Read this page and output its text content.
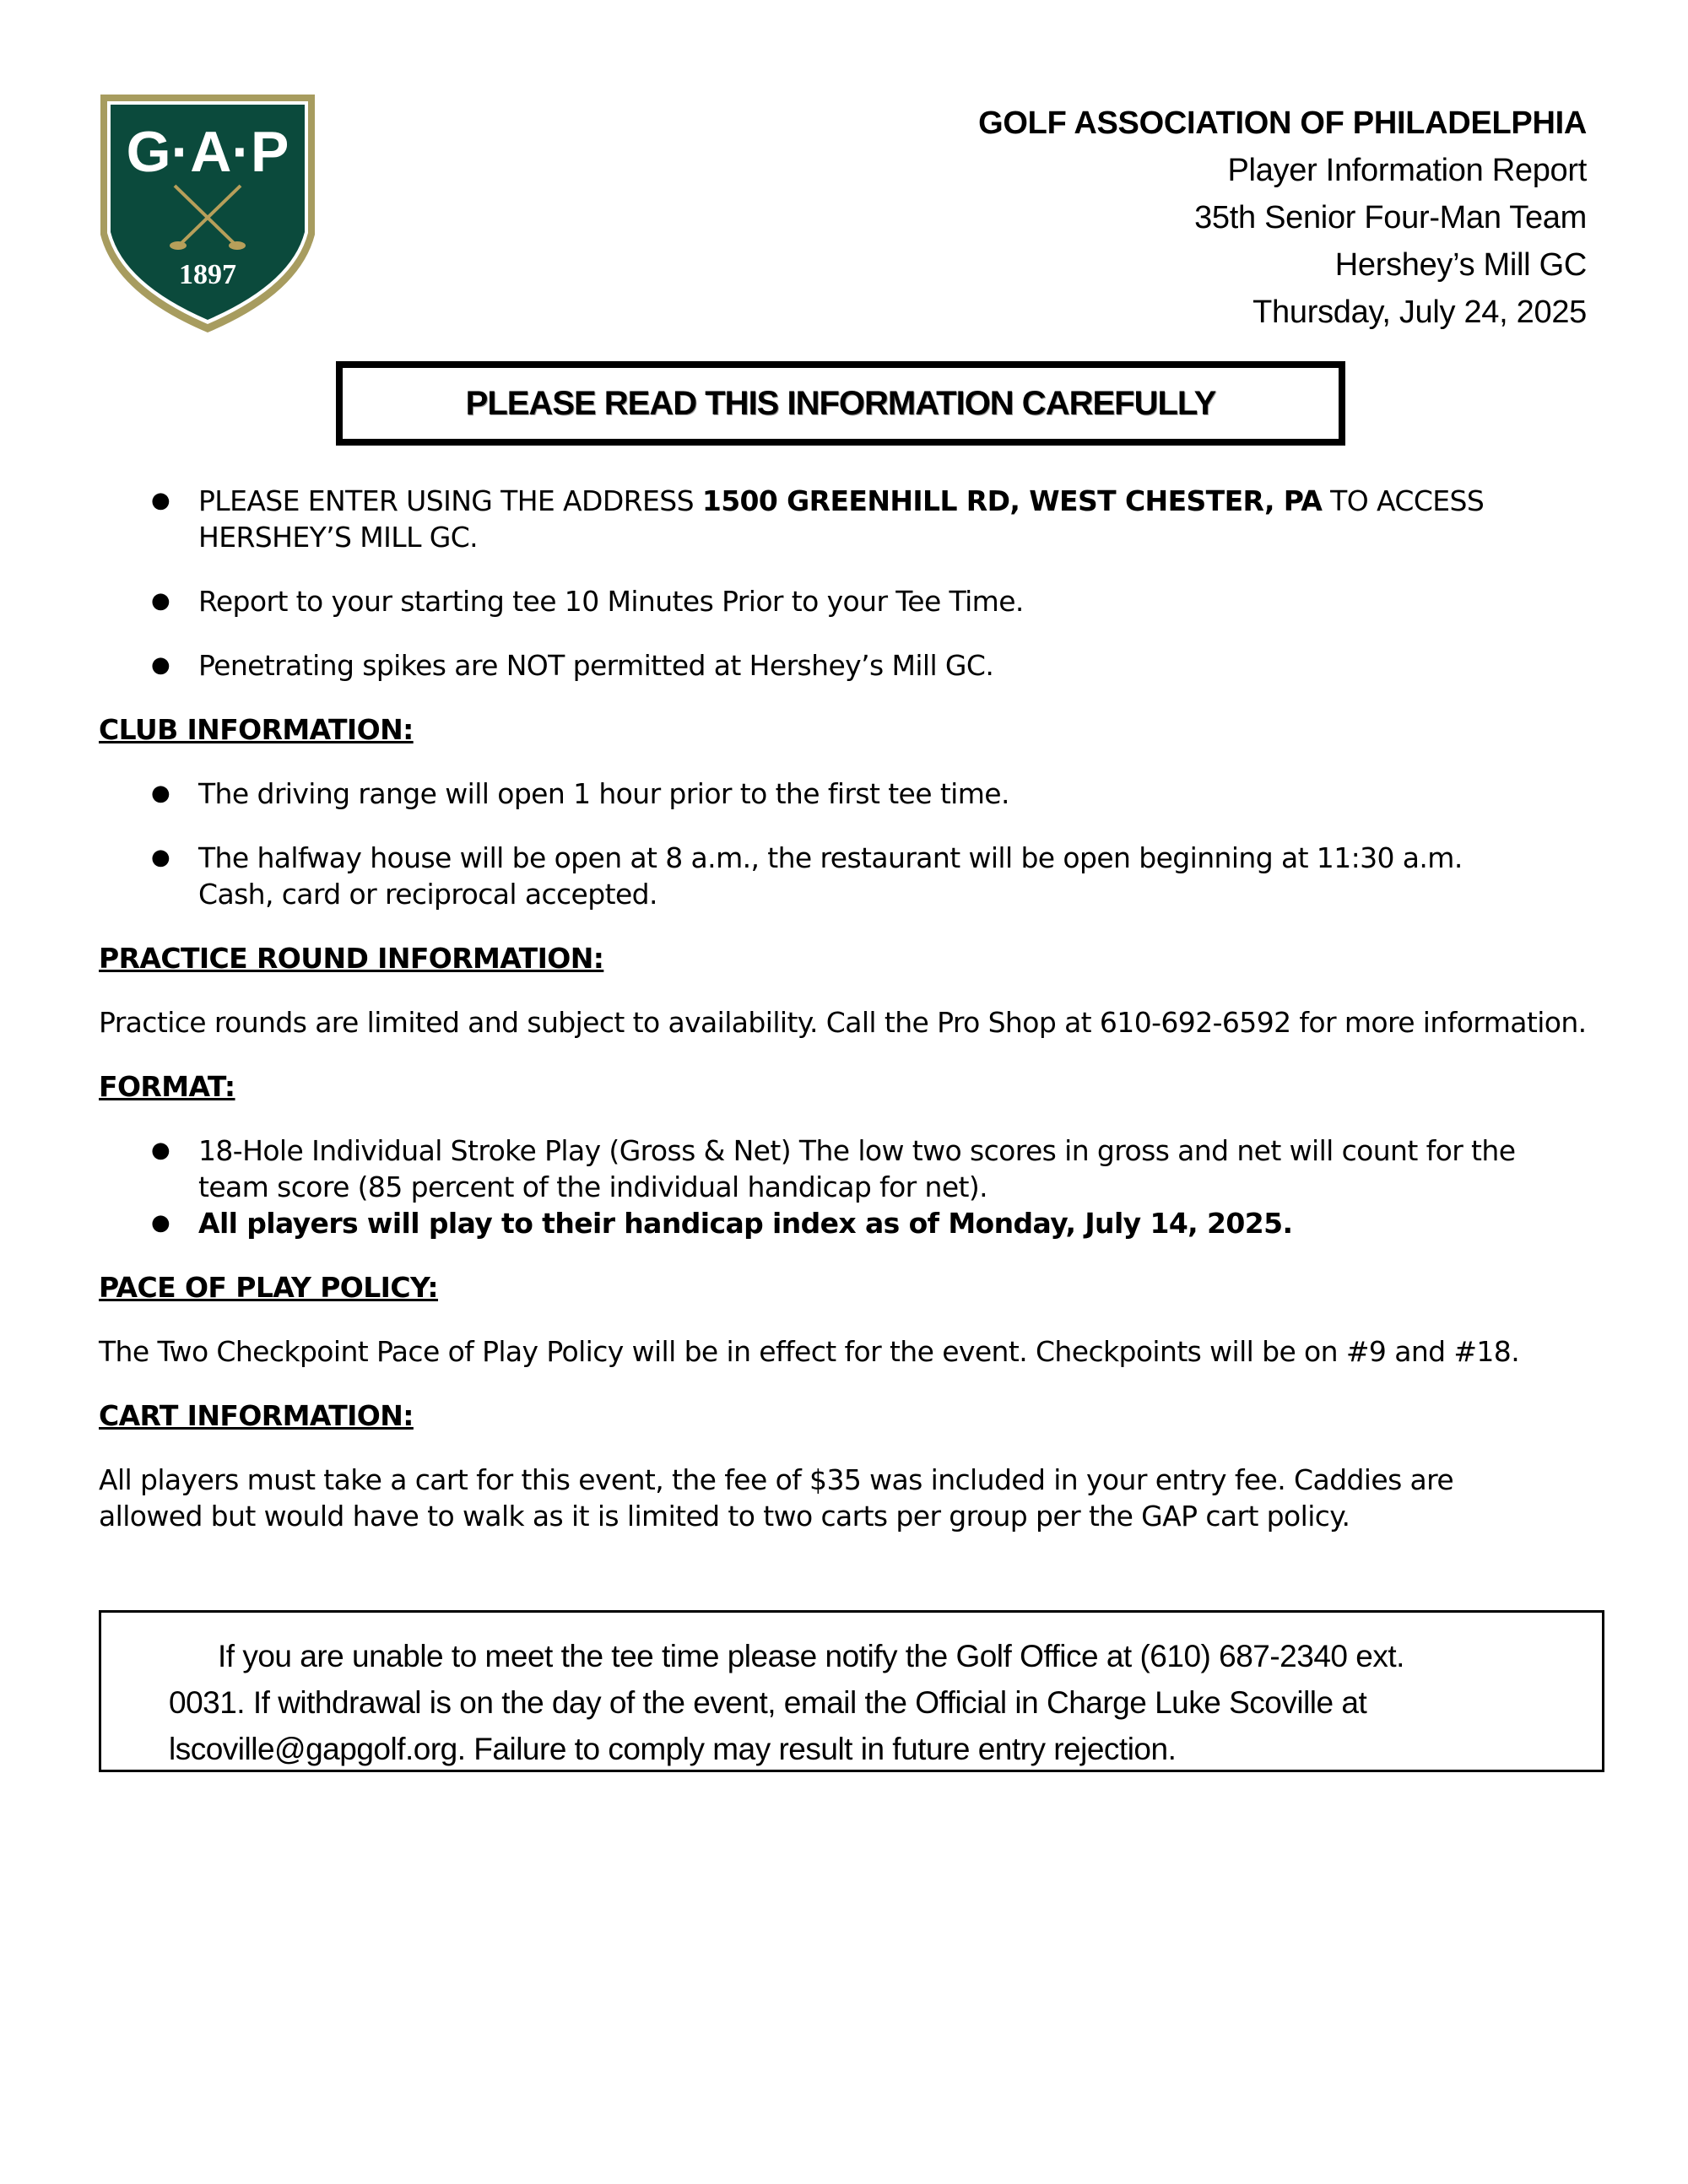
G·A·P
1897
GOLF ASSOCIATION OF PHILADELPHIA
Player Information Report
35th Senior Four-Man Team
Hershey’s Mill GC
Thursday, July 24, 2025
PLEASE READ THIS INFORMATION CAREFULLY
● PLEASE ENTER USING THE ADDRESS 1500 GREENHILL RD, WEST CHESTER, PA TO ACCESS HERSHEY’S MILL GC.
● Report to your starting tee 10 Minutes Prior to your Tee Time.
● Penetrating spikes are NOT permitted at Hershey’s Mill GC.
CLUB INFORMATION:
● The driving range will open 1 hour prior to the first tee time.
● The halfway house will be open at 8 a.m., the restaurant will be open beginning at 11:30 a.m. Cash, card or reciprocal accepted.
PRACTICE ROUND INFORMATION:
Practice rounds are limited and subject to availability. Call the Pro Shop at 610-692-6592 for more information.
FORMAT:
● 18-Hole Individual Stroke Play (Gross & Net) The low two scores in gross and net will count for the team score (85 percent of the individual handicap for net).
● All players will play to their handicap index as of Monday, July 14, 2025.
PACE OF PLAY POLICY:
The Two Checkpoint Pace of Play Policy will be in effect for the event. Checkpoints will be on #9 and #18.
CART INFORMATION:
All players must take a cart for this event, the fee of $35 was included in your entry fee. Caddies are allowed but would have to walk as it is limited to two carts per group per the GAP cart policy.
If you are unable to meet the tee time please notify the Golf Office at (610) 687-2340 ext.
0031. If withdrawal is on the day of the event, email the Official in Charge Luke Scoville at
lscoville@gapgolf.org. Failure to comply may result in future entry rejection.
